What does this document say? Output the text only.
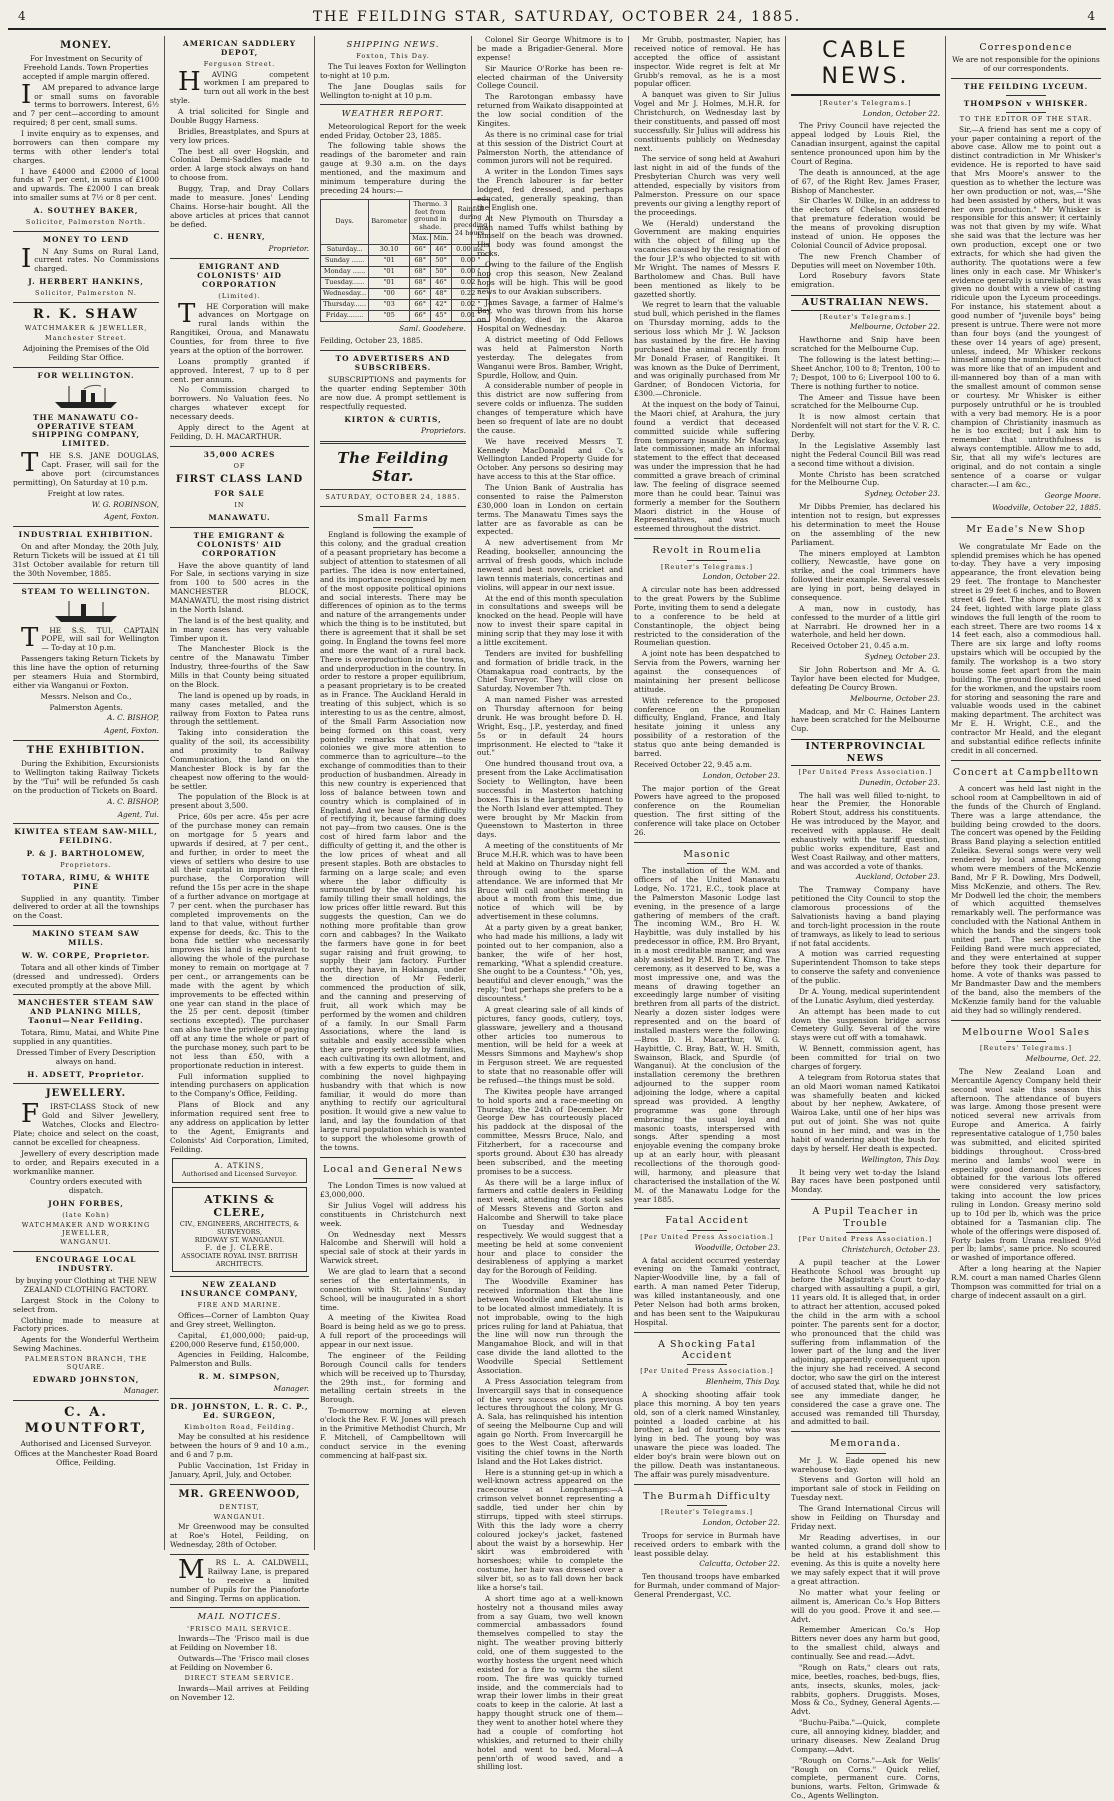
4	THE FEILDING STAR, SATURDAY, OCTOBER 24, 1885.	4
MONEY.

For Investment on Security of Freehold Lands. Town Properties accepted if ample margin offered.

I AM prepared to advance large or small sums on favorable terms to borrowers. Interest, 6½ and 7 per cent—according to amount required; 8 per cent, small sums.

I invite enquiry as to expenses, and borrowers can then compare my terms with other lender's total charges.

I have £4000 and £2000 of local funds at 7 per cent, in sums of £1000 and upwards. The £2000 I can break into smaller sums at 7½ or 8 per cent.

A. SOUTHEY BAKER,
Solicitor, Palmerston North.
MONEY TO LEND

I N Any Sums on Rural Land, current rates. No Commissions charged.

J. HERBERT HANKINS,
Solicitor, Palmerston N.
R. K. SHAW
WATCHMAKER & JEWELLER,
Manchester Street.

Adjoining the Premises of the Old Feilding Star Office.

FOR WELLINGTON.
THE MANAWATU CO-OPERATIVE STEAM SHIPPING COMPANY, LIMITED.

T HE S.S. JANE DOUGLAS, Capt. Fraser, will sail for the above port (circumstances permitting), On Saturday at 10 p.m.

Freight at low rates.

W. G. ROBINSON,
Agent, Foxton.
INDUSTRIAL EXHIBITION.

On and after Monday, the 20th July, Return Tickets will be issued at £1 till 31st October available for return till the 30th November, 1885.

STEAM TO WELLINGTON.

T HE S.S. TUI, CAPTAIN POPE, will sail for Wellington— To-day at 10 p.m.

Passengers taking Return Tickets by this line have the option of returning per steamers Huia and Stormbird, either via Wanganui or Foxton.

Messrs. Nelson and Co.,

Palmerston Agents.

A. C. BISHOP,
Agent, Foxton.
THE EXHIBITION.

During the Exhibition, Excursionists to Wellington taking Railway Tickets by the "Tui" will be refunded 5s cash on the production of Tickets on Board.

A. C. BISHOP,
Agent, Tui.
KIWITEA STEAM SAW-MILL, FEILDING.
P. & J. BARTHOLOMEW,
Proprietors.
TOTARA, RIMU, & WHITE PINE

Supplied in any quantity. Timber delivered to order at all the townships on the Coast.

MAKINO STEAM SAW MILLS.
W. W. CORPE, Proprietor.

Totara and all other kinds of Timber (dressed and undressed). Orders executed promptly at the above Mill.

MANCHESTER STEAM SAW AND PLANING MILLS, Taonui—Near Feilding.

Totara, Rimu, Matai, and White Pine supplied in any quantities.

Dressed Timber of Every Description always on hand.

H. ADSETT, Proprietor.
JEWELLERY.

F IRST-CLASS Stock of new Gold and Silver Jewellery, Watches, Clocks and Electro-Plate; choice and select on the coast, cannot be excelled for cheapness.

Jewellery of every description made to order, and Repairs executed in a workmanlike manner.

Country orders executed with dispatch.

JOHN FORBES,
(late Kohn)
WATCHMAKER AND WORKING JEWELLER,
WANGANUI.
ENCOURAGE LOCAL INDUSTRY.

by buying your Clothing at THE NEW ZEALAND CLOTHING FACTORY.

Largest Stock in the Colony to select from.

Clothing made to measure at Factory prices.

Agents for the Wonderful Wertheim Sewing Machines.

PALMERSTON BRANCH, THE SQUARE.
EDWARD JOHNSTON,
Manager.
C. A. MOUNTFORT,

Authorised and Licensed Surveyor.

Offices at the Manchester Road Board Office, Feilding.

AMERICAN SADDLERY DEPOT,
Ferguson Street.

H AVING competent workmen I am prepared to turn out all work in the best style.

A trial solicited for Single and Double Buggy Harness.

Bridles, Breastplates, and Spurs at very low prices.

The best all over Hogskin, and Colonial Demi-Saddles made to order. A large stock always on hand to choose from.

Buggy, Trap, and Dray Collars made to measure. Jones' Lending Chains. Horse-hair bought. All the above articles at prices that cannot be defied.

C. HENRY,
Proprietor.
EMIGRANT AND COLONISTS' AID CORPORATION
(Limited).

T HE Corporation will make advances on Mortgage on rural lands within the Rangitikei, Oroua, and Manawatu Counties, for from three to five years at the option of the borrower.

Loans promptly granted if approved. Interest, 7 up to 8 per cent. per annum.

No Commission charged to borrowers. No Valuation fees. No charges whatever except for necessary deeds.

Apply direct to the Agent at Feilding, D. H. MACARTHUR.

35,000 ACRES
OF
FIRST CLASS LAND
FOR SALE
IN
MANAWATU.
THE EMIGRANT & COLONISTS' AID CORPORATION

Have the above quantity of land For Sale, in sections varying in size from 100 to 500 acres in the MANCHESTER BLOCK, MANAWATU, the most rising district in the North Island.

The land is of the best quality, and in many cases has very valuable Timber upon it.

The Manchester Block is the centre of the Manawatu Timber Industry, three-fourths of the Saw Mills in that County being situated on the Block.

The land is opened up by roads, in many cases metalled, and the railway from Foxton to Patea runs through the settlement.

Taking into consideration the quality of the soil, its accessibility and proximity to Railway Communication, the land on the Manchester Block is by far the cheapest now offering to the would-be settler.

The population of the Block is at present about 3,500.

Price, 60s per acre. 45s per acre of the purchase money can remain on mortgage for 5 years and upwards if desired, at 7 per cent., and further, in order to meet the views of settlers who desire to use all their capital in improving their purchase, the Corporation will refund the 15s per acre in the shape of a further advance on mortgage at 7 per cent. when the purchaser has completed improvements on the land to that value, without further expense for deeds, &c. This to the bona fide settler who necessarily improves his land is equivalent to allowing the whole of the purchase money to remain on mortgage at 7 per cent., or arrangements can be made with the agent by which improvements to be effected within one year can stand in the place of the 25 per cent. deposit (timber sections excepted). The purchaser can also have the privilege of paying off at any time the whole or part of the purchase money, such part to be not less than £50, with a proportionate reduction in interest.

Full information supplied to intending purchasers on application to the Company's Office, Feilding.

Plans of Block and any information required sent free to any address on application by letter to the Agent, Emigrants and Colonists' Aid Corporation, Limited, Feilding.

A. ATKINS,
Authorised and Licensed Surveyor.
ATKINS & CLERE,
CIV., ENGINEERS, ARCHITECTS, & SURVEYORS,
RIDGWAY ST. WANGANUI.
F. de J. CLERE.
ASSOCIATE ROYAL INST. BRITISH ARCHITECTS.
NEW ZEALAND INSURANCE COMPANY,
FIRE AND MARINE.

Offices—Corner of Lambton Quay and Grey street, Wellington.

Capital, £1,000,000; paid-up, £200,000 Reserve fund, £150,000.

Agencies in Feilding, Halcombe, Palmerston and Bulls.

R. M. SIMPSON,
Manager.
DR. JOHNSTON, L. R. C. P., Ed. SURGEON,
Kimbolton Road, Feilding.

May be consulted at his residence between the hours of 9 and 10 a.m., and 6 and 7 p.m.

Public Vaccination, 1st Friday in January, April, July, and October.

MR. GREENWOOD,
DENTIST,
WANGANUI.

Mr Greenwood may be consulted at Roe's Hotel, Feilding, on Wednesday, 28th of October.

M RS L. A. CALDWELL, Railway Lane, is prepared to receive a limited number of Pupils for the Pianoforte and Singing. Terms on application.

MAIL NOTICES.
'FRISCO MAIL SERVICE.

Inwards—The 'Frisco mail is due at Feilding on November 18.

Outwards—The 'Frisco mail closes at Feilding on November 6.

DIRECT STEAM SERVICE.

Inwards—Mail arrives at Feilding on November 12.

SHIPPING NEWS.
Foxton, This Day.

The Tui leaves Foxton for Wellington to-night at 10 p.m.

The Jane Douglas sails for Wellington to-night at 10 p.m.

WEATHER REPORT.

Meteorological Report for the week ended Friday, October 23, 1885.

The following table shows the readings of the barometer and rain gauge at 9.30 a.m. on the days mentioned, and the maximum and minimum temperature during the preceding 24 hours:—

Days.	Barometer	Thermo. 3 feet from ground in shade.		Rainfall during preceding 24 hours.
		Max.	Min.	
Saturday...	30.10	66°	46°	0.00 ins.
Sunday ......	"01	68°	50°	0.00 "
Monday ......	"01	68°	50°	0.00 "
Tuesday......	"01	68°	46°	0.02 "
Wednesday...	"00	66°	48°	0.22 "
Thursday......	"03	66°	42°	0.02 "
Friday........	"05	66°	45°	0.01 "
Saml. Goodehere.

Feilding, October 23, 1885.

TO ADVERTISERS AND SUBSCRIBERS.

SUBSCRIPTIONS and payments for the quarter ending September 30th are now due. A prompt settlement is respectfully requested.

KIRTON & CURTIS,
Proprietors.
The Feilding Star.
SATURDAY, OCTOBER 24, 1885.
Small Farms

England is following the example of this colony, and the gradual creation of a peasant proprietary has become a subject of attention to statesmen of all parties. The idea is now entertained, and its importance recognised by men of the most opposite political opinions and social interests. There may be differences of opinion as to the terms and nature of the arrangements under which the thing is to be instituted, but there is agreement that it shall be set going. In England the towns feel more and more the want of a rural back. There is overproduction in the towns, and underproduction in the country. In order to restore a proper equilibrium, a peasant proprietary is to be created as in France. The Auckland Herald in treating of this subject, which is so interesting to us as the centre, almost, of the Small Farm Association now being formed on this coast, very pointedly remarks that in these colonies we give more attention to commerce than to agriculture—to the exchange of commodities than to their production of husbandmen. Already in this new country is experienced that loss of balance between town and country which is complained of in England. And we hear of the difficulty of rectifying it, because farming does not pay—from two causes. One is the cost of hired farm labor and the difficulty of getting it, and the other is the low prices of wheat and all present staples. Both are obstacles to farming on a large scale; and even where the labor difficulty is surmounted by the owner and his family tilling their small holdings, the low prices offer little reward. But this suggests the question, Can we do nothing more profitable than grow corn and cabbages? In the Waikato the farmers have gone in for beet sugar raising and fruit growing, to supply their jam factory. Further north, they have, in Hokianga, under the direction of Mr Federli, commenced the production of silk, and the canning and preserving of fruit, all work which may be performed by the women and children of a family. In our Small Farm Associations, where the land is suitable and easily accessible when they are properly settled by families, each cultivating its own allotment, and with a few experts to guide them in combining the novel highpaying husbandry with that which is now familiar, it would do more than anything to rectify our agricultural position. It would give a new value to land, and lay the foundation of that large rural population which is wanted to support the wholesome growth of the towns.

Local and General News

The London Times is now valued at £3,000,000.

Sir Julius Vogel will address his constituents in Christchurch next week.

On Wednesday next Messrs Halcombe and Sherwill will hold a special sale of stock at their yards in Warwick street.

We are glad to learn that a second series of the entertainments, in connection with St. Johns' Sunday School, will be inaugurated in a short time.

A meeting of the Kiwitea Road Board is being held as we go to press. A full report of the proceedings will appear in our next issue.

The engineer of the Feilding Borough Council calls for tenders which will be received up to Thursday, the 29th inst., for forming and metalling certain streets in the Borough.

To-morrow morning at eleven o'clock the Rev. F. W. Jones will preach in the Primitive Methodist Church, Mr F. Mitchell, of Campbelltown will conduct service in the evening commencing at half-past six.

Colonel Sir George Whitmore is to be made a Brigadier-General. More expense!

Sir Maurice O'Rorke has been re-elected chairman of the University College Council.

The Rarotongan embassy have returned from Waikato disappointed at the low social condition of the Kingites.

As there is no criminal case for trial at this session of the District Court at Palmerston North, the attendance of common jurors will not be required.

A writer in the London Times says the French labourer is far better lodged, fed dressed, and perhaps educated, generally speaking, than the English one.

At New Plymouth on Thursday a man named Tuffs whilst bathing by himself on the beach was drowned. His body was found amongst the rocks.

Owing to the failure of the English hop crop this season, New Zealand hops will be high. This will be good news to our Avakian subscribers.

James Savage, a farmer of Halme's Bay, who was thrown from his horse on Monday, died in the Akaroa Hospital on Wednesday.

A district meeting of Odd Fellows was held at Palmerston North yesterday. The delegates from Wanganui were Bros. Bamber, Wright, Spurdle, Hollow, and Quin.

A considerable number of people in this district are now suffering from severe colds or influenza. The sudden changes of temperature which have been so frequent of late are no doubt the cause.

We have received Messrs T. Kennedy MacDonald and Co.'s Wellington Landed Property Guide for October. Any persons so desiring may have access to this at the Star office.

The Union Bank of Australia has consented to raise the Palmerston £30,000 loan in London on certain terms. The Manawatu Times says the latter are as favorable as can be expected.

A new advertisement from Mr Reading, bookseller, announcing the arrival of fresh goods, which include newest and best novels, cricket and lawn tennis materials, concertinas and violins, will appear in our next issue.

At the end of this month speculation in consultations and sweeps will be knocked on the head. People will have now to invest their spare capital in mining scrip that they may lose it with a little excitement.

Tenders are invited for bushfelling and formation of bridle track, in the Otamakapua road contracts, by the Chief Surveyor. They will close on Saturday, November 7th.

A man named Fisher was arrested on Thursday afternoon for being drunk. He was brought before D. H. Wright, Esq., J.P., yesterday, and fined 5s or in default 24 hours imprisonment. He elected to "take it out."

One hundred thousand trout ova, a present from the Lake Acclimatisation Society to Wellington, have been successful in Masterton hatching boxes. This is the largest shipment to the North Island ever attempted. They were brought by Mr Mackin from Queenstown to Masterton in three days.

A meeting of the constituents of Mr Bruce M.H.R. which was to have been held at Makino on Thursday night fell through owing to the sparse attendance. We are informed that Mr Bruce will call another meeting in about a month from this time, due notice of which will be by advertisement in these columns.

At a party given by a great banker, who had made his millions, a lady wit pointed out to her companion, also a banker, the wife of her host, remarking, "What a splendid creature. She ought to be a Countess." "Oh, yes, beautiful and clever enough," was the reply; "but perhaps she prefers to be a discountess."

A great clearing sale of all kinds of pictures, fancy goods, cutlery, toys, glassware, jewellery and a thousand other articles too numerous to mention, will be held for a week at Messrs Simmons and Mayhew's shop in Ferguson street. We are requested to state that no reasonable offer will be refused—the things must be sold.

The Kiwitea people have arranged to hold sports and a race-meeting on Thursday, the 24th of December. Mr George Dew has courteously placed his paddock at the disposal of the committee, Messrs Bruce, Nalo, and Fitzherbert, for a racecourse and sports ground. About £30 has already been subscribed, and the meeting promises to be a success.

As there will be a large influx of farmers and cattle dealers in Feilding next week, attending the stock sales of Messrs Stevens and Gorton and Halcombe and Sherwill to take place on Tuesday and Wednesday respectively. We would suggest that a meeting be held at some convenient hour and place to consider the desirableness of applying a market day for the Borough of Feilding.

The Woodville Examiner has received information that the line between Woodville and Eketahuna is to be located almost immediately. It is not improbable, owing to the high prices ruling for land at Pahiatua, that the line will now run through the Mangamahoe Block, and will in that case divide the land allotted to the Woodville Special Settlement Association.

A Press Association telegram from Invercargill says that in consequence of the very success of his previous lectures throughout the colony, Mr G. A. Sala, has relinquished his intention of seeing the Melbourne Cup and will again go North. From Invercargill he goes to the West Coast, afterwards visiting the chief towns in the North Island and the Hot Lakes district.

Here is a stunning get-up in which a well-known actress appeared on the racecourse at Longchamps:—A crimson velvet bonnet representing a saddle, tied under her chin by stirrups, tipped with steel stirrups. With this the lady wore a cherry coloured jockey's jacket, fastened about the waist by a horsewhip. Her skirt was embroidered with horseshoes; while to complete the costume, her hair was dressed over a silver bit, so as to fall down her back like a horse's tail.

A short time ago at a well-known hostelry not a thousand miles away from a say Guam, two well known commercial ambassadors found themselves compelled to stay the night. The weather proving bitterly cold, one of them suggested to the worthy hostess the urgent need which existed for a fire to warm the silent room. The fire was quickly turned inside, and the commercials had to wrap their lower limbs in their great coats to keep in the calorie. At last a happy thought struck one of them—they went to another hotel where they had a couple of comforting hot whiskies, and returned to their chilly hotel and went to bed. Moral—A penn'orth of wood saved, and a shilling lost.

Mr Grubb, postmaster, Napier, has received notice of removal. He has accepted the office of assistant inspector. Wide regret is felt at Mr Grubb's removal, as he is a most popular officer.

A banquet was given to Sir Julius Vogel and Mr J. Holmes, M.H.R. for Christchurch, on Wednesday last by their constituents, and passed off most successfully. Sir Julius will address his constituents publicly on Wednesday next.

The service of song held at Awahuri last night in aid of the funds of the Presbyterian Church was very well attended, especially by visitors from Palmerston. Pressure on our space prevents our giving a lengthy report of the proceedings.

We (Herald) understand the Government are making enquiries with the object of filling up the vacancies caused by the resignation of the four J.P.'s who objected to sit with Mr Wright. The names of Messrs F. Bartholomew and Chas. Bull have been mentioned as likely to be gazetted shortly.

We regret to learn that the valuable stud bull, which perished in the flames on Thursday morning, adds to the serious loss which Mr J. W. Jackson has sustained by the fire. He having purchased the animal recently from Mr Donald Fraser, of Rangitikei. It was known as the Duke of Derriment, and was originally purchased from Mr Gardner, of Bondocen Victoria, for £300.—Chronicle.

At the inquest on the body of Tainui, the Maori chief, at Arahura, the jury found a verdict that deceased committed suicide while suffering from temporary insanity. Mr Mackay, late commissioner, made an informal statement to the effect that deceased was under the impression that he had committed a grave breach of criminal law. The feeling of disgrace seemed more than he could bear. Tainui was formerly a member for the Southern Maori district in the House of Representatives, and was much esteemed throughout the district.

Revolt in Roumelia
[Reuter's Telegrams.]
London, October 22.

A circular note has been addressed to the great Powers by the Sublime Porte, inviting them to send a delegate to a conference to be held at Constantinople, the object being restricted to the consideration of the Roumelian question.

A joint note has been despatched to Servia from the Powers, warning her against the consequences of maintaining her present bellicose attitude.

With reference to the proposed conference on the Roumelian difficulty, England, France, and Italy hesitate joining it unless any possibility of a restoration of the status quo ante being demanded is barred.

Received October 22, 9.45 a.m.

London, October 23.

The major portion of the Great Powers have agreed to the proposed conference on the Roumelian question. The first sitting of the conference will take place on October 26.

Masonic

The installation of the W.M. and officers of the United Manawatu Lodge, No. 1721, E.C., took place at the Palmerston Masonic Lodge last evening, in the presence of a large gathering of members of the craft. The incoming W.M., Bro H. W. Haybittle, was duly installed by his predecessor in office, P.M. Bro Bryant, in a most creditable manner, and was ably assisted by P.M. Bro T. King. The ceremony, as it deserved to be, was a most impressive one, and was the means of drawing together an exceedingly large number of visiting brethren from all parts of the district. Nearly a dozen sister lodges were represented and on the board of installed masters were the following:—Bros D. H. Macarthur, W. G. Haybittle, C. Bray, Batt, W. H. Smith, Swainson, Black, and Spurdle (of Wanganui). At the conclusion of the installation ceremony the brethren adjourned to the supper room adjoining the lodge, where a capital spread was provided. A lengthy programme was gone through embracing the usual loyal and masonic toasts, interspersed with songs. After spending a most enjoyable evening the company broke up at an early hour, with pleasant recollections of the thorough good-will, harmony, and pleasure that characterised the installation of the W. M. of the Manawatu Lodge for the year 1885.

Fatal Accident
[Per United Press Association.]
Woodville, October 23.

A fatal accident occurred yesterday evening on the Tamaki contract, Napier-Woodville line, by a fall of earth. A man named Peter Tiderup, was killed instantaneously, and one Peter Nelson had both arms broken, and has been sent to the Waipukurau Hospital.

A Shocking Fatal Accident
[Per United Press Association.]
Blenheim, This Day.

A shocking shooting affair took place this morning. A boy ten years old, son of a clerk named Winstanley, pointed a loaded carbine at his brother, a lad of fourteen, who was lying in bed. The young boy was unaware the piece was loaded. The elder boy's brain were blown out on the pillow. Death was instantaneous. The affair was purely misadventure.

The Burmah Difficulty
[Reuter's Telegrams.]
London, October 22.

Troops for service in Burmah have received orders to embark with the least possible delay.

Calcutta, October 22.

Ten thousand troops have embarked for Burmah, under command of Major-General Prendergast, V.C.

CABLE NEWS.
[Reuter's Telegrams.]
London, October 22.

The Privy Council have rejected the appeal lodged by Louis Riel, the Canadian insurgent, against the capital sentence pronounced upon him by the Court of Regina.

The death is announced, at the age of 67, of the Right Rev. James Fraser, Bishop of Manchester.

Sir Charles W. Dilke, in an address to the electors of Chelsea, considered that premature federation would be the means of provoking disruption instead of union. He opposes the Colonial Council of Advice proposal.

The new French Chamber of Deputies will meet on November 10th.

Lord Rosebury favors State emigration.

AUSTRALIAN NEWS.
[Reuter's Telegrams.]
Melbourne, October 22.

Hawthorne and Snip have been scratched for the Melbourne Cup.

The following is the latest betting:—Sheet Anchor, 100 to 8; Trenton, 100 to 7; Despot, 100 to 6; Liverpool 100 to 6. There is nothing further to notice.

The Ameer and Tissue have been scratched for the Melbourne Cup.

It is now almost certain that Nordenfelt will not start for the V. R. C. Derby.

In the Legislative Assembly last night the Federal Council Bill was read a second time without a division.

Monte Christo has been scratched for the Melbourne Cup.

Sydney, October 23.

Mr Dibbs Premier, has declared his intention not to resign, but expresses his determination to meet the House on the assembling of the new Parliament.

The miners employed at Lambton colliery, Newcastle, have gone on strike, and the coal trimmers have followed their example. Several vessels are lying in port, being delayed in consequence.

A man, now in custody, has confessed to the murder of a little girl at Narrabri. He drowned her in a waterhole, and held her down.

Received October 21, 0.45 a.m.

Sydney, October 23.

Sir John Robertson and Mr A. G. Taylor have been elected for Mudgee, defeating De Courcy Brown.

Melbourne, October 23.

Madcap, and Mr C. Haines Lantern have been scratched for the Melbourne Cup.

INTERPROVINCIAL NEWS
[Per United Press Association.]
Dunedin, October 23.

The hall was well filled to-night, to hear the Premier, the Honorable Robert Stout, address his constituents. He was introduced by the Mayor, and received with applause. He dealt exhaustively with the tariff question, public works expenditure, East and West Coast Railway, and other matters, and was accorded a vote of thanks.

Auckland, October 23.

The Tramway Company have petitioned the City Council to stop the clamorous processions of the Salvationists having a band playing and torch-light procession in the route of tramways, as likely to lead to serious if not fatal accidents.

A motion was carried requesting Superintendent Thomson to take steps to conserve the safety and convenience of the public.

Dr A. Young, medical superintendent of the Lunatic Asylum, died yesterday.

An attempt has been made to cut down the suspension bridge across Cemetery Gully. Several of the wire stays were cut off with a tomahawk.

W. Bennett, commission agent, has been committed for trial on two charges of forgery.

A telegram from Rotorua states that an old Maori woman named Katikatoi was shamefully beaten and kicked about by her nephew, Awkatere, of Wairoa Lake, until one of her hips was put out of joint. She was not quite sound in her mind, and was in the habit of wandering about the bush for days by herself. Her death is expected.

Wellington, This Day.

It being very wet to-day the Island Bay races have been postponed until Monday.

A Pupil Teacher in Trouble
[Per United Press Association.]
Christchurch, October 23.

A pupil teacher at the Lower Heathcote School was brought up before the Magistrate's Court to-day charged with assaulting a pupil, a girl, 11 years old. It is alleged that, in order to attract her attention, accused poked the child in the arm with a school pointer. The parents sent for a doctor, who pronounced that the child was suffering from inflammation of the lower part of the lung and the liver adjoining, apparently consequent upon the injury she had received. A second doctor, who saw the girl on the interest of accused stated that, while he did not see any immediate danger, he considered the case a grave one. The accused was remanded till Thursday, and admitted to bail.

Memoranda.

Mr J. W. Eade opened his new warehouse to-day.

Stevens and Gorton will hold an important sale of stock in Feilding on Tuesday next.

The Grand International Circus will show in Feilding on Thursday and Friday next.

Mr Reading advertises, in our wanted column, a grand doll show to be held at his establishment this evening. As this is quite a novelty here we may safely expect that it will prove a great attraction.

No matter what your feeling or ailment is, American Co.'s Hop Bitters will do you good. Prove it and see.—Advt.

Remember American Co.'s Hop Bitters never does any harm but good, to the smallest child, always and continually. See and read.—Advt.

"Rough on Rats," clears out rats, mice, beetles, roaches, bed-bugs, flies, ants, insects, skunks, moles, jack-rabbits, gophers. Druggists. Moses, Moss & Co., Sydney, General Agents.—Advt.

"Buchu-Paiba."—Quick, complete cure, all annoying kidney, bladder, and urinary diseases. New Zealand Drug Company.—Advt.

"Rough on Corns."—Ask for Wells' "Rough on Corns." Quick relief, complete, permanent cure. Corns, bunions, warts. Felton, Grimwade & Co., Agents Wellington.

Correspondence

We are not responsible for the opinions of our correspondents.

THE FEILDING LYCEUM.
THOMPSON v WHISKER.
TO THE EDITOR OF THE STAR.

Sir,—A friend has sent me a copy of your paper containing a report of the above case. Allow me to point out a distinct contradiction in Mr Whisker's evidence. He is reported to have said that Mrs Moore's answer to the question as to whether the lecture was her own production or not, was,—"She had been assisted by others, but it was her own production." Mr Whisker is responsible for this answer; it certainly was not that given by my wife. What she said was that the lecture was her own production, except one or two extracts, for which she had given the authority. The quotations were a few lines only in each case. Mr Whisker's evidence generally is unreliable; it was given no doubt with a view of casting ridicule upon the Lyceum proceedings. For instance, his statement about a good number of "juvenile boys" being present is untrue. There were not more than four boys (and the youngest of these over 14 years of age) present, unless, indeed, Mr Whisker reckons himself among the number. His conduct was more like that of an impudent and ill-mannered boy than of a man with the smallest amount of common sense or courtesy. Mr Whisker is either purposely untruthful or he is troubled with a very bad memory. He is a poor champion of Christianity inasmuch as he is too excited; but I ask him to remember that untruthfulness is always contemptible. Allow me to add, Sir, that all my wife's lectures are original, and do not contain a single sentence of a coarse or vulgar character.—I am &c.,

George Moore.
Woodville, October 22, 1885.
Mr Eade's New Shop

We congratulate Mr Eade on the splendid premises which he has opened to-day. They have a very imposing appearance, the front elevation being 29 feet. The frontage to Manchester street is 29 feet 6 inches, and to Bowen street 46 feet. The show room is 28 x 24 feet, lighted with large plate glass windows the full length of the room to each street. There are two rooms 14 x 14 feet each, also a commodious hall. There are six large and lofty rooms upstairs which will be occupied by the family. The workshop is a two story house some feet apart from the main building. The ground floor will be used for the workmen, and the upstairs room for storing and seasoning the rare and valuable woods used in the cabinet making department. The architect was Mr E. H. Wright, C.E., and the contractor Mr Heald, and the elegant and substantial edifice reflects infinite credit in all concerned.

Concert at Campbelltown

A concert was held last night in the school room at Campbelltown in aid of the funds of the Church of England. There was a large attendance, the building being crowded to the doors. The concert was opened by the Feilding Brass Band playing a selection entitled Zuleika. Several songs were very well rendered by local amateurs, among whom were members of the McKenzie Band, Mr F R. Dowling, Mrs Dodwell, Miss McKenzie, and others. The Rev. Mr Dodwell led the choir, the members of which acquitted themselves remarkably well. The performance was concluded with the National Anthem in which the bands and the singers took united part. The services of the Feilding Band were much appreciated, and they were entertained at supper before they took their departure for home. A vote of thanks was passed to Mr Bandmaster Daw and the members of the band, also the members of the McKenzie family band for the valuable aid they had so willingly rendered.

Melbourne Wool Sales
[Reuters' Telegrams.]
Melbourne, Oct. 22.

The New Zealand Loan and Mercantile Agency Company held their second wool sale this season this afternoon. The attendance of buyers was large. Among those present were noticed several new arrivals from Europe and America. A fairly representative catalogue of 1,750 bales was submitted, and elicited spirited biddings throughout. Cross-bred merino and lambs' wool were in especially good demand. The prices obtained for the various lots offered were considered very satisfactory, taking into account the low prices ruling in London. Greasy merino sold up to 10d per lb, which was the price obtained for a Tasmanian clip. The whole of the offerings were disposed of. Forty bales from Urana realised 9½d per lb; lambs', same price. No scoured or washed of importance offered.

After a long hearing at the Napier R.M. court a man named Charles Glenn Thompson was committed for trial on a charge of indecent assault on a girl.
